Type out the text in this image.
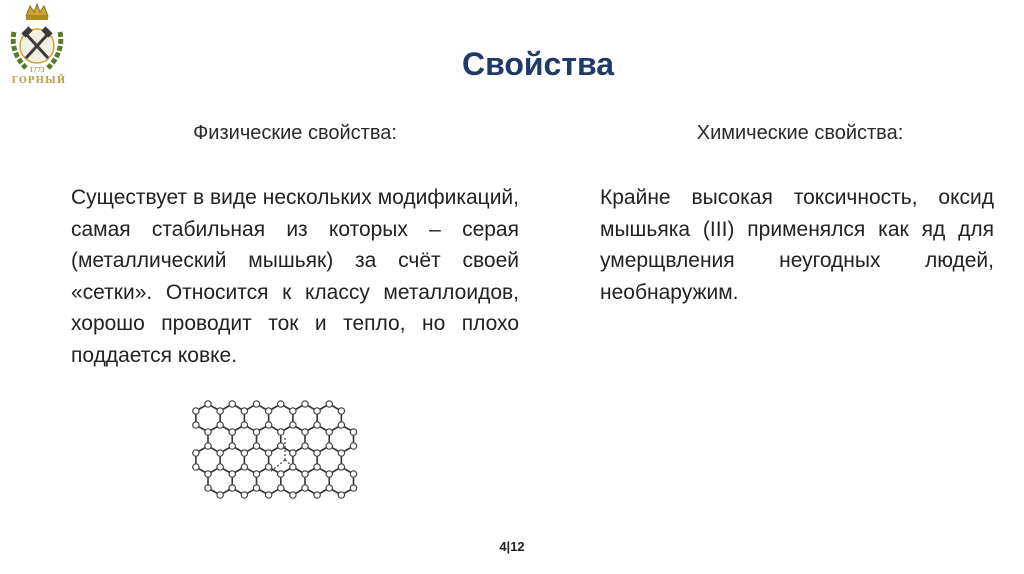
1773
ГОРНЫЙ	Свойства
Физические свойства:	Химические свойства:
Существует в виде нескольких модификаций, самая стабильная из которых – серая (металлический мышьяк) за счёт своей «сетки». Относится к классу металлоидов, хорошо проводит ток и тепло, но плохо поддается ковке.
Крайне высокая токсичность, оксид мышьяка (III) применялся как яд для умерщвления неугодных людей, необнаружим.
4|12
